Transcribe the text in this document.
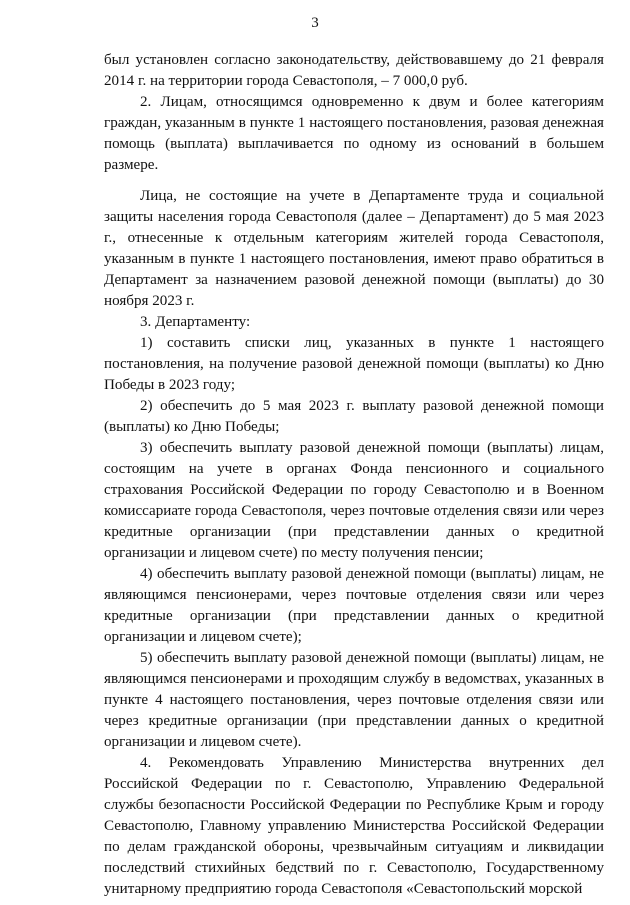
3

был установлен согласно законодательству, действовавшему до 21 февраля 2014 г. на территории города Севастополя, – 7 000,0 руб.

2. Лицам, относящимся одновременно к двум и более категориям граждан, указанным в пункте 1 настоящего постановления, разовая денежная помощь (выплата) выплачивается по одному из оснований в большем размере.

Лица, не состоящие на учете в Департаменте труда и социальной защиты населения города Севастополя (далее – Департамент) до 5 мая 2023 г., отнесенные к отдельным категориям жителей города Севастополя, указанным в пункте 1 настоящего постановления, имеют право обратиться в Департамент за назначением разовой денежной помощи (выплаты) до 30 ноября 2023 г.

3. Департаменту:

1) составить списки лиц, указанных в пункте 1 настоящего постановления, на получение разовой денежной помощи (выплаты) ко Дню Победы в 2023 году;

2) обеспечить до 5 мая 2023 г. выплату разовой денежной помощи (выплаты) ко Дню Победы;

3) обеспечить выплату разовой денежной помощи (выплаты) лицам, состоящим на учете в органах Фонда пенсионного и социального страхования Российской Федерации по городу Севастополю и в Военном комиссариате города Севастополя, через почтовые отделения связи или через кредитные организации (при представлении данных о кредитной организации и лицевом счете) по месту получения пенсии;

4) обеспечить выплату разовой денежной помощи (выплаты) лицам, не являющимся пенсионерами, через почтовые отделения связи или через кредитные организации (при представлении данных о кредитной организации и лицевом счете);

5) обеспечить выплату разовой денежной помощи (выплаты) лицам, не являющимся пенсионерами и проходящим службу в ведомствах, указанных в пункте 4 настоящего постановления, через почтовые отделения связи или через кредитные организации (при представлении данных о кредитной организации и лицевом счете).

4. Рекомендовать Управлению Министерства внутренних дел Российской Федерации по г. Севастополю, Управлению Федеральной службы безопасности Российской Федерации по Республике Крым и городу Севастополю, Главному управлению Министерства Российской Федерации по делам гражданской обороны, чрезвычайным ситуациям и ликвидации последствий стихийных бедствий по г. Севастополю, Государственному унитарному предприятию города Севастополя «Севастопольский морской
